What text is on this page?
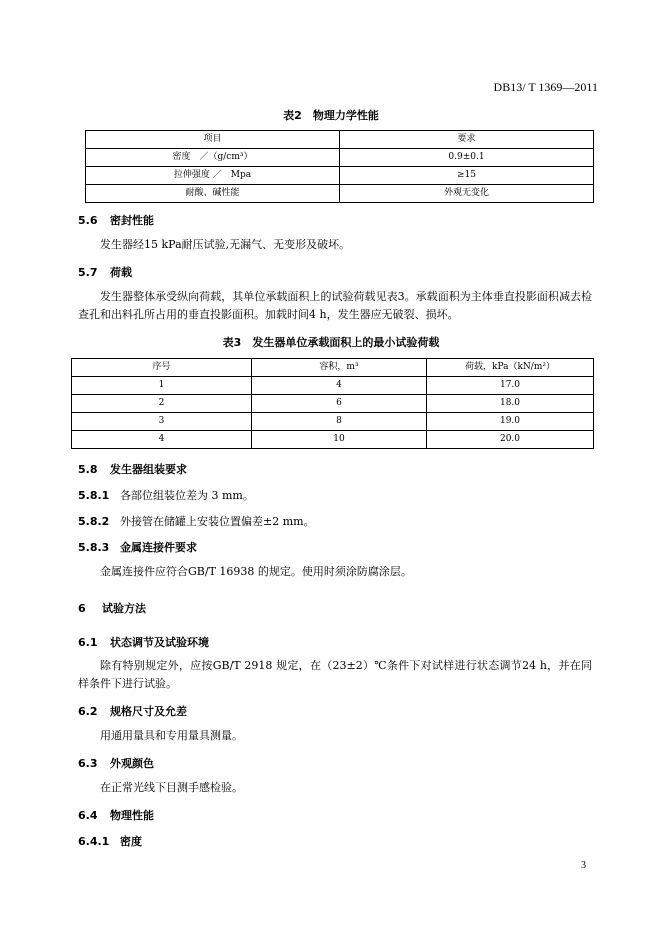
DB13/ T 1369—2011
表2　物理力学性能
项目	要求
密度　／（g/cm³）	0.9±0.1
拉伸强度 ／　Mpa	≥15
耐酸、碱性能	外观无变化
5.6 密封性能
发生器经15 kPa耐压试验,无漏气、无变形及破坏。
5.7 荷载
发生器整体承受纵向荷载，其单位承载面积上的试验荷载见表3。承载面积为主体垂直投影面积减去检查孔和出料孔所占用的垂直投影面积。加载时间4 h，发生器应无破裂、损坏。
表3　发生器单位承载面积上的最小试验荷载
序号	容积，m³	荷载，kPa（kN/m²）
1	4	17.0
2	6	18.0
3	8	19.0
4	10	20.0
5.8 发生器组装要求
5.8.1 各部位组装位差为 3 mm。
5.8.2 外接管在储罐上安装位置偏差±2 mm。
5.8.3 金属连接件要求
金属连接件应符合GB/T 16938 的规定。使用时须涂防腐涂层。
6 试验方法
6.1 状态调节及试验环境
除有特别规定外，应按GB/T 2918 规定，在（23±2）℃条件下对试样进行状态调节24 h，并在同样条件下进行试验。
6.2 规格尺寸及允差
用通用量具和专用量具测量。
6.3 外观颜色
在正常光线下目测手感检验。
6.4 物理性能
6.4.1 密度
3
